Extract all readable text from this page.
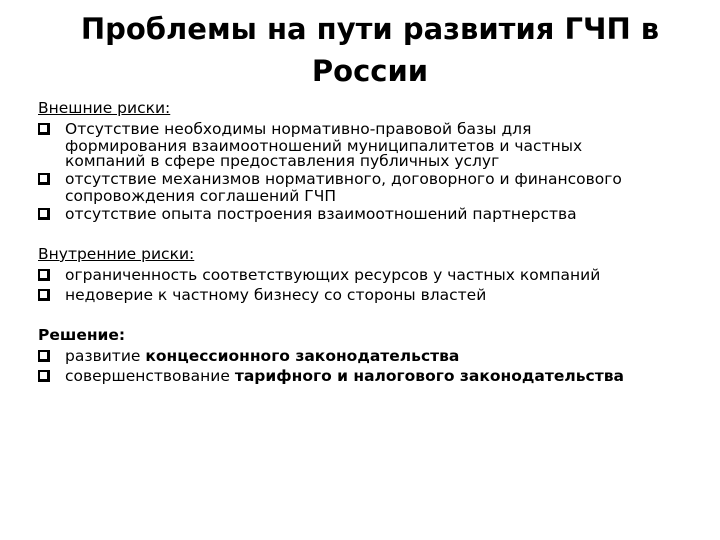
Проблемы на пути развития ГЧП в
России
Внешние риски:
Отсутствие необходимы нормативно-правовой базы для
формирования взаимоотношений муниципалитетов и частных
компаний в сфере предоставления публичных услуг
отсутствие механизмов нормативного, договорного и финансового
сопровождения соглашений ГЧП
отсутствие опыта построения взаимоотношений партнерства
Внутренние риски:
ограниченность соответствующих ресурсов у частных компаний
недоверие к частному бизнесу со стороны властей
Решение:
развитие концессионного законодательства
совершенствование тарифного и налогового законодательства
